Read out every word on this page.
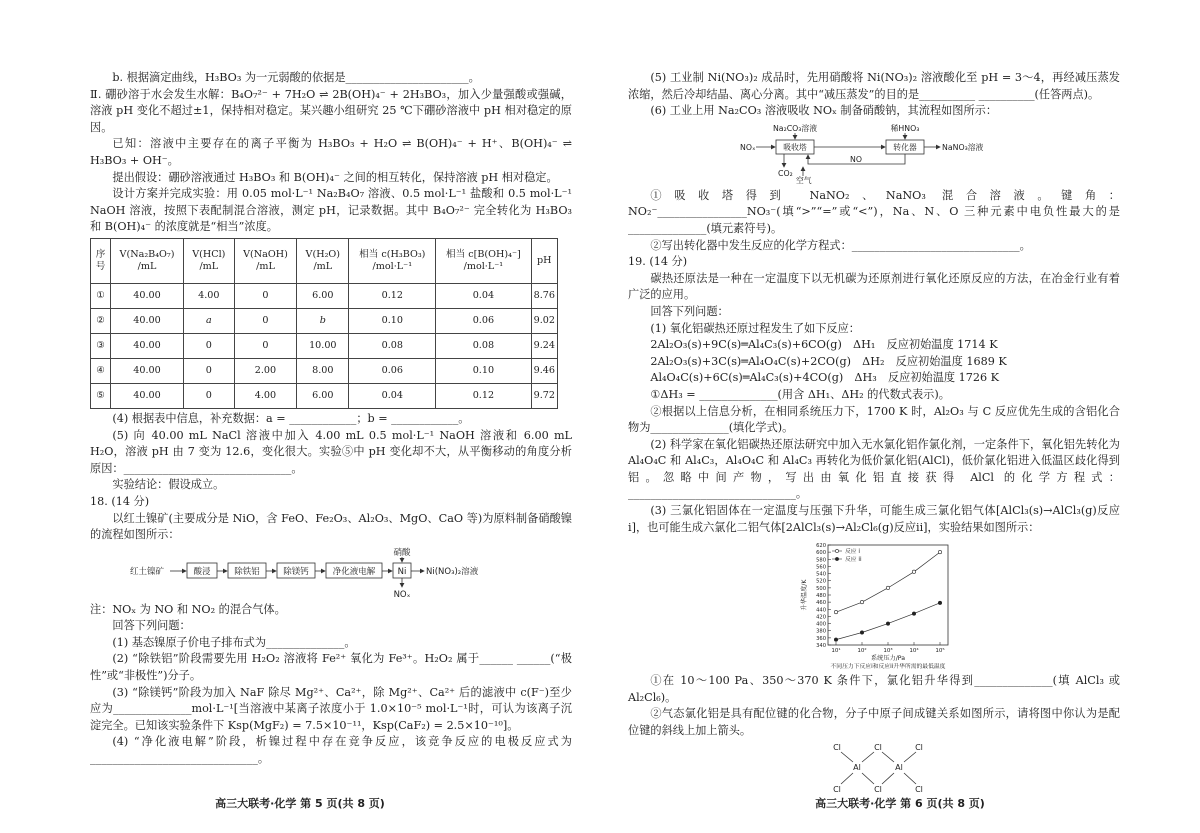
b. 根据滴定曲线，H₃BO₃ 为一元弱酸的依据是______________________。

Ⅱ. 硼砂溶于水会发生水解：B₄O₇²⁻ + 7H₂O ⇌ 2B(OH)₄⁻ + 2H₃BO₃，加入少量强酸或强碱，溶液 pH 变化不超过±1，保持相对稳定。某兴趣小组研究 25 ℃下硼砂溶液中 pH 相对稳定的原因。

已知：溶液中主要存在的离子平衡为 H₃BO₃ + H₂O ⇌ B(OH)₄⁻ + H⁺、B(OH)₄⁻ ⇌ H₃BO₃ + OH⁻。

提出假设：硼砂溶液通过 H₃BO₃ 和 B(OH)₄⁻ 之间的相互转化，保持溶液 pH 相对稳定。

设计方案并完成实验：用 0.05 mol·L⁻¹ Na₂B₄O₇ 溶液、0.5 mol·L⁻¹ 盐酸和 0.5 mol·L⁻¹ NaOH 溶液，按照下表配制混合溶液，测定 pH，记录数据。其中 B₄O₇²⁻ 完全转化为 H₃BO₃ 和 B(OH)₄⁻ 的浓度就是“相当”浓度。

序号	V(Na₂B₄O₇) /mL	V(HCl) /mL	V(NaOH) /mL	V(H₂O) /mL	相当 c(H₃BO₃) /mol·L⁻¹	相当 c[B(OH)₄⁻] /mol·L⁻¹	pH
①	40.00	4.00	0	6.00	0.12	0.04	8.76
②	40.00	a	0	b	0.10	0.06	9.02
③	40.00	0	0	10.00	0.08	0.08	9.24
④	40.00	0	2.00	8.00	0.06	0.10	9.46
⑤	40.00	0	4.00	6.00	0.04	0.12	9.72

(4) 根据表中信息，补充数据：a = ____________；b = ____________。

(5) 向 40.00 mL NaCl 溶液中加入 4.00 mL 0.5 mol·L⁻¹ NaOH 溶液和 6.00 mL H₂O，溶液 pH 由 7 变为 12.6，变化很大。实验⑤中 pH 变化却不大，从平衡移动的角度分析原因：______________________________。

实验结论：假设成立。

18. (14 分)

以红土镍矿(主要成分是 NiO，含 FeO、Fe₂O₃、Al₂O₃、MgO、CaO 等)为原料制备硝酸镍的流程如图所示：

红土镍矿	酸浸	除铁铝	除镁钙	净化液电解	Ni
硝酸
NOₓ
Ni(NO₃)₂溶液

注：NOₓ 为 NO 和 NO₂ 的混合气体。

回答下列问题：

(1) 基态镍原子价电子排布式为______________。

(2) “除铁铝”阶段需要先用 H₂O₂ 溶液将 Fe²⁺ 氧化为 Fe³⁺。H₂O₂ 属于______ ______(“极性”或“非极性”)分子。

(3) “除镁钙”阶段为加入 NaF 除尽 Mg²⁺、Ca²⁺，除 Mg²⁺、Ca²⁺ 后的滤液中 c(F⁻)至少应为______________mol·L⁻¹[当溶液中某离子浓度小于 1.0×10⁻⁵ mol·L⁻¹时，可认为该离子沉淀完全。已知该实验条件下 Ksp(MgF₂) = 7.5×10⁻¹¹，Ksp(CaF₂) = 2.5×10⁻¹⁰]。

(4) “净化液电解”阶段，析镍过程中存在竞争反应，该竞争反应的电极反应式为______________________________。

高三大联考·化学 第 5 页(共 8 页)

(5) 工业制 Ni(NO₃)₂ 成品时，先用硝酸将 Ni(NO₃)₂ 溶液酸化至 pH = 3～4，再经减压蒸发浓缩，然后冷却结晶、离心分离。其中“减压蒸发”的目的是__________ __________(任答两点)。

(6) 工业上用 Na₂CO₃ 溶液吸收 NOₓ 制备硝酸钠，其流程如图所示：

NOₓ	吸收塔
Na₂CO₃溶液
转化器
稀HNO₃
NaNO₃溶液
NO
CO₂
空气

①吸收塔得到 NaNO₂、NaNO₃ 混合溶液。键角：NO₂⁻________________NO₃⁻(填“>”“=”或“<”)，Na、N、O 三种元素中电负性最大的是______________(填元素符号)。

②写出转化器中发生反应的化学方程式：______________________________。

19. (14 分)

碳热还原法是一种在一定温度下以无机碳为还原剂进行氧化还原反应的方法，在冶金行业有着广泛的应用。

回答下列问题：

(1) 氧化铝碳热还原过程发生了如下反应：

2Al₂O₃(s)+9C(s)═Al₄C₃(s)+6CO(g)　ΔH₁　反应初始温度 1714 K

2Al₂O₃(s)+3C(s)═Al₄O₄C(s)+2CO(g)　ΔH₂　反应初始温度 1689 K

Al₄O₄C(s)+6C(s)═Al₄C₃(s)+4CO(g)　ΔH₃　反应初始温度 1726 K

①ΔH₃ = ______________(用含 ΔH₁、ΔH₂ 的代数式表示)。

②根据以上信息分析，在相同系统压力下，1700 K 时，Al₂O₃ 与 C 反应优先生成的含铝化合物为______________(填化学式)。

(2) 科学家在氧化铝碳热还原法研究中加入无水氯化铝作氯化剂，一定条件下，氧化铝先转化为 Al₄O₄C 和 Al₄C₃，Al₄O₄C 和 Al₄C₃ 再转化为低价氯化铝(AlCl)，低价氯化铝进入低温区歧化得到铝。忽略中间产物，写出由氧化铝直接获得 AlCl 的化学方程式：______________________________。

(3) 三氯化铝固体在一定温度与压强下升华，可能生成三氯化铝气体[AlCl₃(s)→AlCl₃(g)反应i]，也可能生成六氯化二铝气体[2AlCl₃(s)→Al₂Cl₆(g)反应ii]，实验结果如图所示：

340
360
380
400
420
440
460
480
500
520
540
560
580
600
620
10¹	10²	10³	10⁴	10⁵
系统压力/Pa
升华温度/K
不同压力下反应i和反应ii升华所需的最低温度
反应 i
反应 ii

①在 10～100 Pa、350～370 K 条件下，氯化铝升华得到______________(填 AlCl₃ 或 Al₂Cl₆)。

②气态氯化铝是具有配位键的化合物，分子中原子间成键关系如图所示，请将图中你认为是配位键的斜线上加上箭头。

Cl	Cl	Cl
Al	Al
Cl	Cl	Cl
高三大联考·化学 第 6 页(共 8 页)
